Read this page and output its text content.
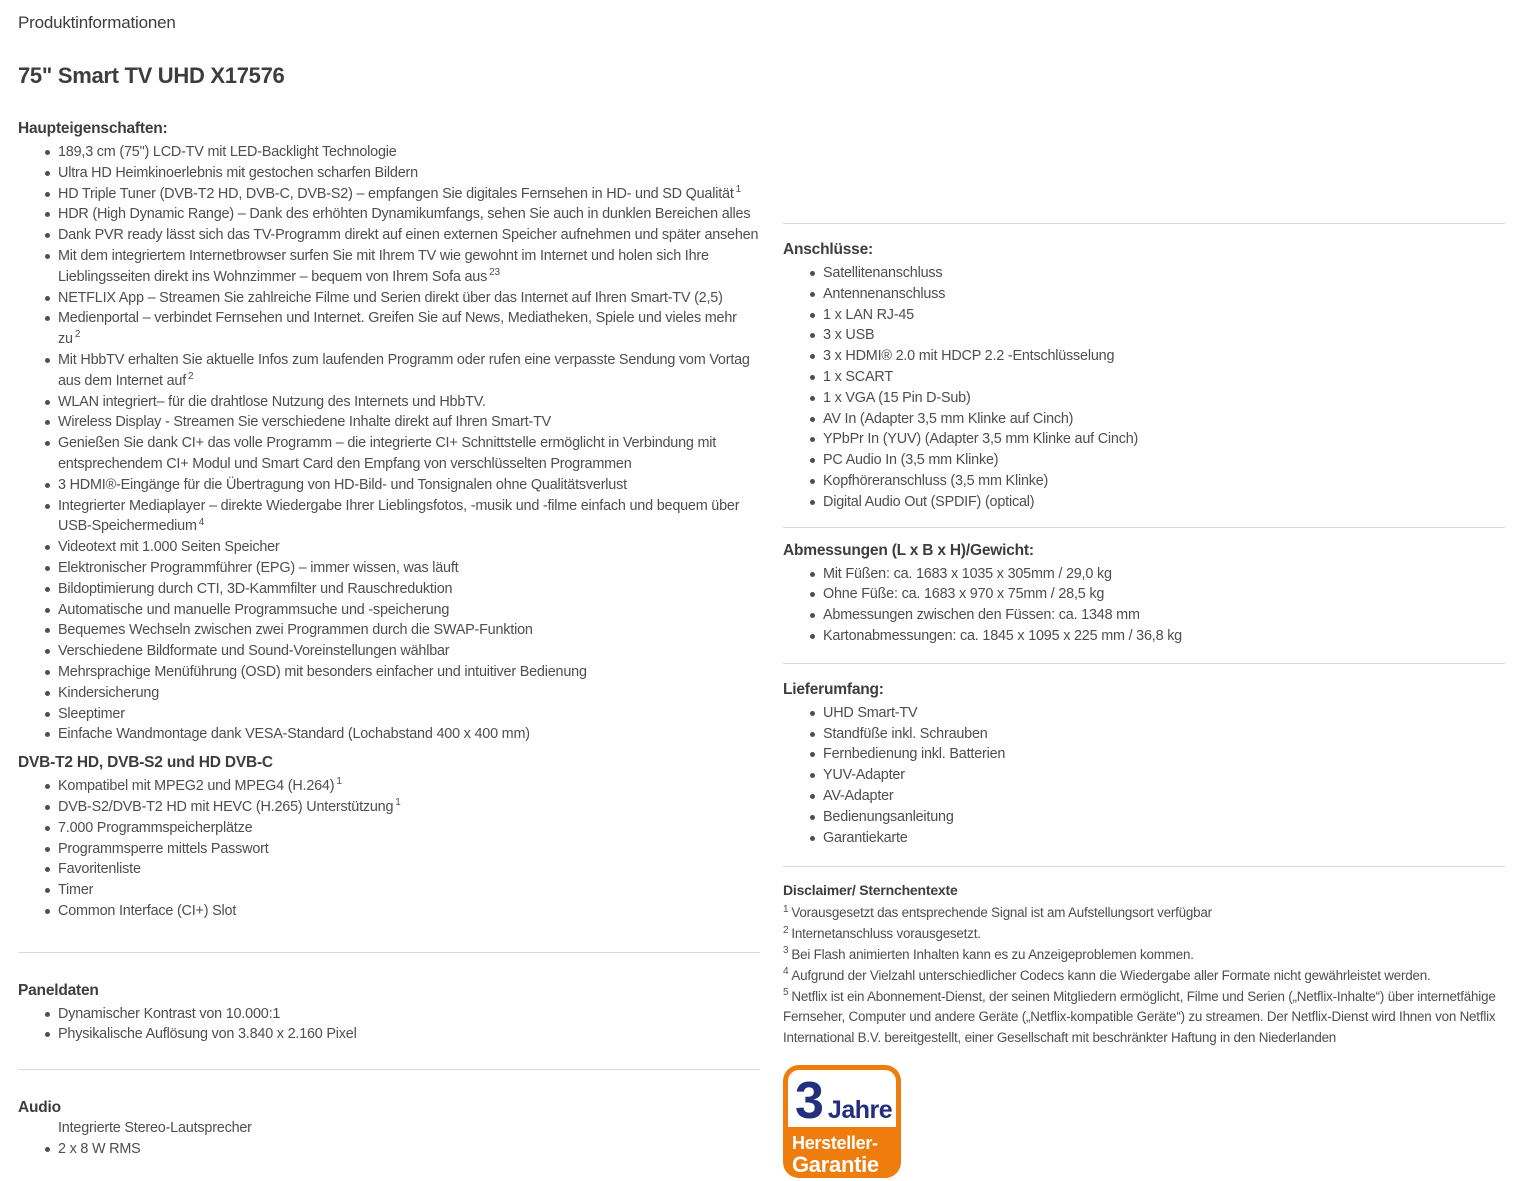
Produktinformationen
75" Smart TV UHD X17576
Haupteigenschaften:
189,3 cm (75") LCD-TV mit LED-Backlight Technologie
Ultra HD Heimkinoerlebnis mit gestochen scharfen Bildern
HD Triple Tuner (DVB-T2 HD, DVB-C, DVB-S2) – empfangen Sie digitales Fernsehen in HD- und SD Qualität $^1$
HDR (High Dynamic Range) – Dank des erhöhten Dynamikumfangs, sehen Sie auch in dunklen Bereichen alles
Dank PVR ready lässt sich das TV-Programm direkt auf einen externen Speicher aufnehmen und später ansehen
Mit dem integriertem Internetbrowser surfen Sie mit Ihrem TV wie gewohnt im Internet und holen sich Ihre Lieblingsseiten direkt ins Wohnzimmer – bequem von Ihrem Sofa aus $^{23}$
NETFLIX App – Streamen Sie zahlreiche Filme und Serien direkt über das Internet auf Ihren Smart-TV (2,5)
Medienportal – verbindet Fernsehen und Internet. Greifen Sie auf News, Mediatheken, Spiele und vieles mehr zu $^2$
Mit HbbTV erhalten Sie aktuelle Infos zum laufenden Programm oder rufen eine verpasste Sendung vom Vortag aus dem Internet auf $^2$
WLAN integriert– für die drahtlose Nutzung des Internets und HbbTV.
Wireless Display - Streamen Sie verschiedene Inhalte direkt auf Ihren Smart-TV
Genießen Sie dank CI+ das volle Programm – die integrierte CI+ Schnittstelle ermöglicht in Verbindung mit entsprechendem CI+ Modul und Smart Card den Empfang von verschlüsselten Programmen
3 HDMI®-Eingänge für die Übertragung von HD-Bild- und Tonsignalen ohne Qualitätsverlust
Integrierter Mediaplayer – direkte Wiedergabe Ihrer Lieblingsfotos, -musik und -filme einfach und bequem über USB-Speichermedium $^4$
Videotext mit 1.000 Seiten Speicher
Elektronischer Programmführer (EPG) – immer wissen, was läuft
Bildoptimierung durch CTI, 3D-Kammfilter und Rauschreduktion
Automatische und manuelle Programmsuche und -speicherung
Bequemes Wechseln zwischen zwei Programmen durch die SWAP-Funktion
Verschiedene Bildformate und Sound-Voreinstellungen wählbar
Mehrsprachige Menüführung (OSD) mit besonders einfacher und intuitiver Bedienung
Kindersicherung
Sleeptimer
Einfache Wandmontage dank VESA-Standard (Lochabstand 400 x 400 mm)
DVB-T2 HD, DVB-S2 und HD DVB-C
Kompatibel mit MPEG2 und MPEG4 (H.264) $^1$
DVB-S2/DVB-T2 HD mit HEVC (H.265) Unterstützung $^1$
7.000 Programmspeicherplätze
Programmsperre mittels Passwort
Favoritenliste
Timer
Common Interface (CI+) Slot
Paneldaten
Dynamischer Kontrast von 10.000:1
Physikalische Auflösung von 3.840 x 2.160 Pixel
Audio
Integrierte Stereo-Lautsprecher
2 x 8 W RMS
Anschlüsse:
Satellitenanschluss
Antennenanschluss
1 x LAN RJ-45
3 x USB
3 x HDMI® 2.0 mit HDCP 2.2 -Entschlüsselung
1 x SCART
1 x VGA (15 Pin D-Sub)
AV In (Adapter 3,5 mm Klinke auf Cinch)
YPbPr In (YUV) (Adapter 3,5 mm Klinke auf Cinch)
PC Audio In (3,5 mm Klinke)
Kopfhöreranschluss (3,5 mm Klinke)
Digital Audio Out (SPDIF) (optical)
Abmessungen (L x B x H)/Gewicht:
Mit Füßen: ca. 1683 x 1035 x 305mm / 29,0 kg
Ohne Füße: ca. 1683 x 970 x 75mm / 28,5 kg
Abmessungen zwischen den Füssen: ca. 1348 mm
Kartonabmessungen: ca. 1845 x 1095 x 225 mm / 36,8 kg
Lieferumfang:
UHD Smart-TV
Standfüße inkl. Schrauben
Fernbedienung inkl. Batterien
YUV-Adapter
AV-Adapter
Bedienungsanleitung
Garantiekarte
Disclaimer/ Sternchentexte

$^1$ Vorausgesetzt das entsprechende Signal ist am Aufstellungsort verfügbar

$^2$ Internetanschluss vorausgesetzt.

$^3$ Bei Flash animierten Inhalten kann es zu Anzeigeproblemen kommen.

$^4$ Aufgrund der Vielzahl unterschiedlicher Codecs kann die Wiedergabe aller Formate nicht gewährleistet werden.

$^5$ Netflix ist ein Abonnement-Dienst, der seinen Mitgliedern ermöglicht, Filme und Serien („Netflix-Inhalte“) über internetfähige Fernseher, Computer und andere Geräte („Netflix-kompatible Geräte“) zu streamen. Der Netflix-Dienst wird Ihnen von Netflix International B.V. bereitgestellt, einer Gesellschaft mit beschränkter Haftung in den Niederlanden

3 Jahre
Hersteller-
Garantie
